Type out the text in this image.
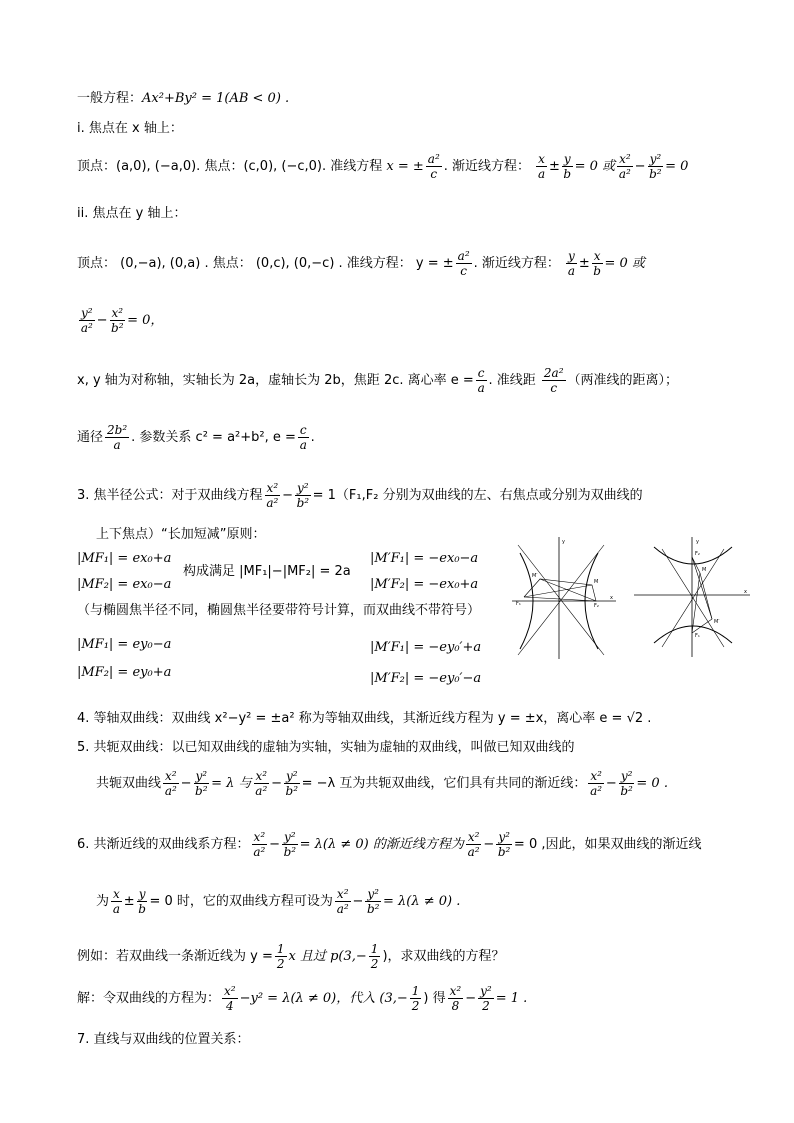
一般方程：Ax²+By² = 1(AB < 0) .
i. 焦点在 x 轴上：
顶点：(a,0), (−a,0). 焦点：(c,0), (−c,0). 准线方程 x = ± $\frac{\text{a²}}{c}$ . 渐近线方程： $\frac{x}{a} \pm \frac{y}{b} = 0$ 或 $\frac{\text{x²}}{\text{a²}} - \frac{\text{y²}}{\text{b²}} = 0$
ii. 焦点在 y 轴上：
顶点： (0,−a), (0,a) . 焦点： (0,c), (0,−c) . 准线方程： y = ± $\frac{\text{a²}}{c}$ . 渐近线方程： $\frac{y}{a} \pm \frac{x}{b} = 0$ 或
$\frac{\text{y²}}{\text{a²}} - \frac{\text{x²}}{\text{b²}} = 0$，
x, y 轴为对称轴，实轴长为 2a，虚轴长为 2b，焦距 2c. 离心率 $e = \frac{c}{a}$ . 准线距 $\frac{\text{2a²}}{c}$ （两准线的距离）；
通径 $\frac{\text{2b²}}{a}$ . 参数关系 c² = a²+b², $e = \frac{c}{a}$ .
3. 焦半径公式：对于双曲线方程 $\frac{\text{x²}}{\text{a²}} - \frac{\text{y²}}{\text{b²}} = 1(F_1,F_2$ 分别为双曲线的左、右焦点或分别为双曲线的
上下焦点）“长加短减”原则：
|MF₁| = ex₀+a
|MF₂| = ex₀−a
构成满足 |MF₁|−|MF₂| = 2a
|M′F₁| = −ex₀−a
|M′F₂| = −ex₀+a
（与椭圆焦半径不同，椭圆焦半径要带符号计算，而双曲线不带符号）
|MF₁| = ey₀−a
|MF₂| = ey₀+a
|M′F₁| = −ey₀′+a
|M′F₂| = −ey₀′−a
M′
M
F₁	F₂
y
x
M
M′
F₂
F₁
y
x
4. 等轴双曲线：双曲线 x²−y² = ±a² 称为等轴双曲线，其渐近线方程为 y = ±x，离心率 e = √2 .
5. 共轭双曲线：以已知双曲线的虚轴为实轴，实轴为虚轴的双曲线，叫做已知双曲线的
共轭双曲线 $\frac{\text{x²}}{\text{a²}} - \frac{\text{y²}}{\text{b²}} = \lambda$ 与 $\frac{\text{x²}}{\text{a²}} - \frac{\text{y²}}{\text{b²}} = -\lambda$ 互为共轭双曲线，它们具有共同的渐近线： $\frac{\text{x²}}{\text{a²}} - \frac{\text{y²}}{\text{b²}} = 0$ .
6. 共渐近线的双曲线系方程： $\frac{\text{x²}}{\text{a²}} - \frac{\text{y²}}{\text{b²}} = \lambda(\lambda \ne 0)$ 的渐近线方程为 $\frac{\text{x²}}{\text{a²}} - \frac{\text{y²}}{\text{b²}} = 0$ ,因此，如果双曲线的渐近线
为 $\frac{x}{a} \pm \frac{y}{b} = 0$ 时，它的双曲线方程可设为 $\frac{\text{x²}}{\text{a²}} - \frac{\text{y²}}{\text{b²}} = \lambda(\lambda \ne 0)$ .
例如：若双曲线一条渐近线为 $y = \frac{1}{2}$ x 且过 $p(3,- \frac{1}{2}$ )，求双曲线的方程？
解：令双曲线的方程为： $\frac{\text{x²}}{4} -y^2 = \lambda(\lambda \ne 0)$，代入 ($3,- \frac{1}{2}$ ) 得 $\frac{\text{x²}}{8} - \frac{\text{y²}}{2} = 1$ .
7. 直线与双曲线的位置关系：
